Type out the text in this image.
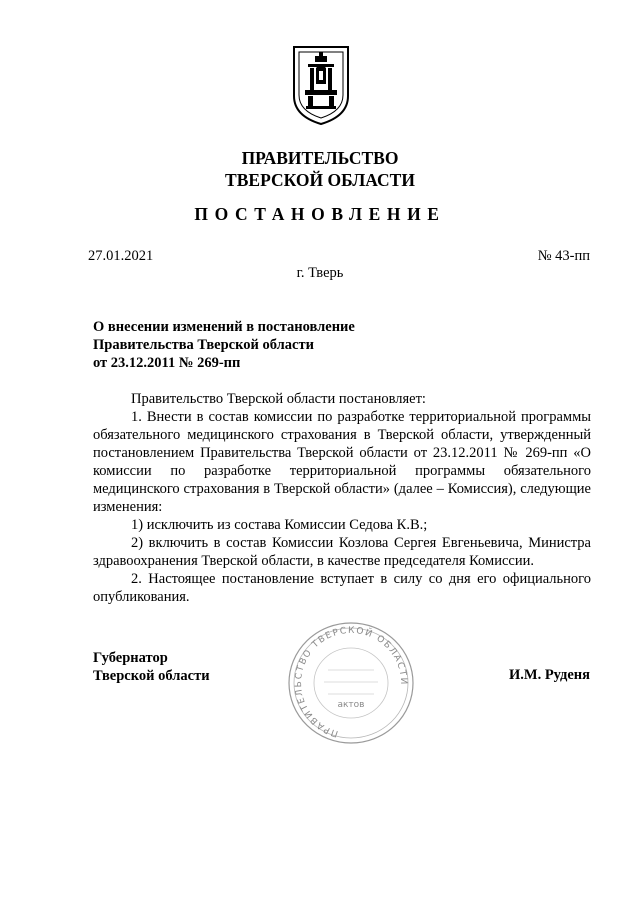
ПРАВИТЕЛЬСТВО
ТВЕРСКОЙ ОБЛАСТИ
ПОСТАНОВЛЕНИЕ
27.01.2021	№ 43-пп
г. Тверь
О внесении изменений в постановление
Правительства Тверской области
от 23.12.2011 № 269-пп

Правительство Тверской области постановляет:

1. Внести в состав комиссии по разработке территориальной программы обязательного медицинского страхования в Тверской области, утвержденный постановлением Правительства Тверской области от 23.12.2011 № 269-пп «О комиссии по разработке территориальной программы обязательного медицинского страхования в Тверской области» (далее – Комиссия), следующие изменения:

1) исключить из состава Комиссии Седова К.В.;

2) включить в состав Комиссии Козлова Сергея Евгеньевича, Министра здравоохранения Тверской области, в качестве председателя Комиссии.

2. Настоящее постановление вступает в силу со дня его официального опубликования.

ПРАВИТЕЛЬСТВО ТВЕРСКОЙ ОБЛАСТИ
актов
Губернатор
Тверской области	И.М. Руденя
